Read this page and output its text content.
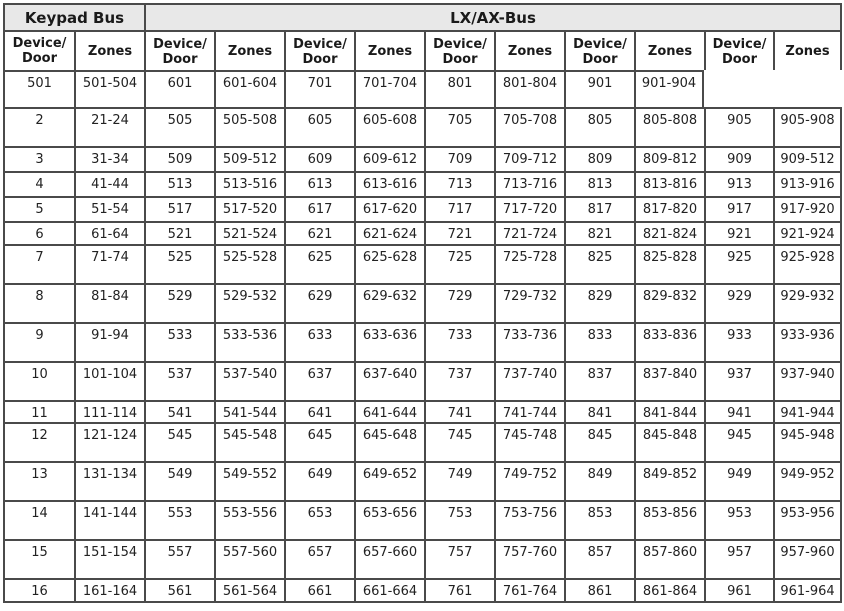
Keypad Bus		LX/AX-Bus									
Device/ Door	Zones	Device/ Door	Zones	Device/ Door	Zones	Device/ Door	Zones	Device/ Door	Zones	Device/ Door	Zones
501	501-504	601	601-604	701	701-704	801	801-804	901	901-904		
2	21-24	505	505-508	605	605-608	705	705-708	805	805-808	905	905-908
3	31-34	509	509-512	609	609-612	709	709-712	809	809-812	909	909-512
4	41-44	513	513-516	613	613-616	713	713-716	813	813-816	913	913-916
5	51-54	517	517-520	617	617-620	717	717-720	817	817-820	917	917-920
6	61-64	521	521-524	621	621-624	721	721-724	821	821-824	921	921-924
7	71-74	525	525-528	625	625-628	725	725-728	825	825-828	925	925-928
8	81-84	529	529-532	629	629-632	729	729-732	829	829-832	929	929-932
9	91-94	533	533-536	633	633-636	733	733-736	833	833-836	933	933-936
10	101-104	537	537-540	637	637-640	737	737-740	837	837-840	937	937-940
11	111-114	541	541-544	641	641-644	741	741-744	841	841-844	941	941-944
12	121-124	545	545-548	645	645-648	745	745-748	845	845-848	945	945-948
13	131-134	549	549-552	649	649-652	749	749-752	849	849-852	949	949-952
14	141-144	553	553-556	653	653-656	753	753-756	853	853-856	953	953-956
15	151-154	557	557-560	657	657-660	757	757-760	857	857-860	957	957-960
16	161-164	561	561-564	661	661-664	761	761-764	861	861-864	961	961-964
